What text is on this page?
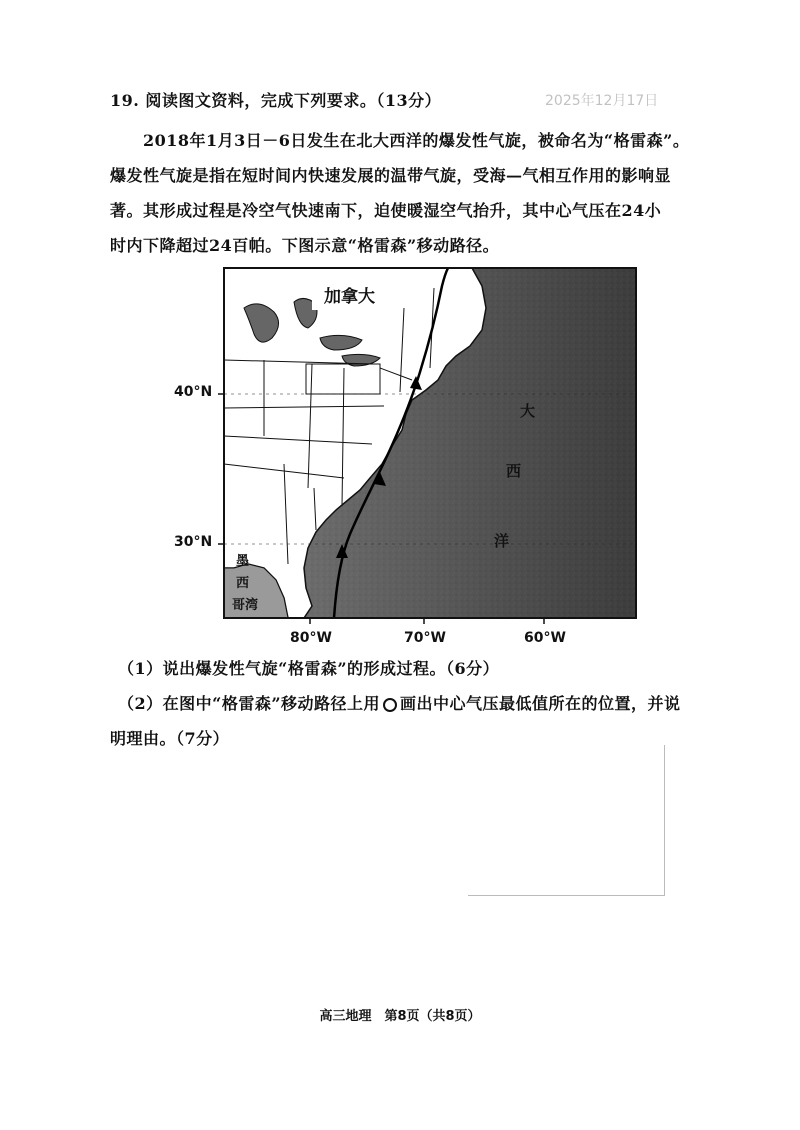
19. 阅读图文资料，完成下列要求。（13分）	2025年12月17日
2018年1月3日－6日发生在北大西洋的爆发性气旋，被命名为“格雷森”。
爆发性气旋是指在短时间内快速发展的温带气旋，受海—气相互作用的影响显
著。其形成过程是冷空气快速南下，迫使暖湿空气抬升，其中心气压在24小
时内下降超过24百帕。下图示意“格雷森”移动路径。
40°N
30°N
80°W	70°W	60°W
加拿大
大
西
洋
墨
西
哥湾
（1）说出爆发性气旋“格雷森”的形成过程。（6分）
（2）在图中“格雷森”移动路径上用 画出中心气压最低值所在的位置，并说
明理由。（7分）
高三地理　第8页（共8页）
